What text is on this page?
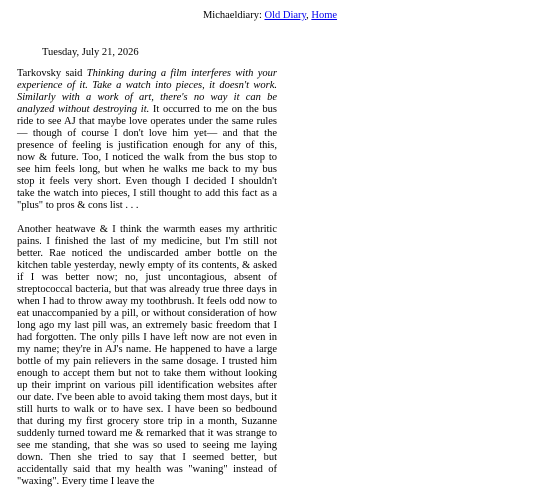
Michaeldiary: Old Diary, Home
Tuesday, July 21, 2026

Tarkovsky said Thinking during a film interferes with your experience of it. Take a watch into pieces, it doesn't work. Similarly with a work of art, there's no way it can be analyzed without destroying it. It occurred to me on the bus ride to see AJ that maybe love operates under the same rules— though of course I don't love him yet— and that the presence of feeling is justification enough for any of this, now & future. Too, I noticed the walk from the bus stop to see him feels long, but when he walks me back to my bus stop it feels very short. Even though I decided I shouldn't take the watch into pieces, I still thought to add this fact as a "plus" to pros & cons list . . .

Another heatwave & I think the warmth eases my arthritic pains. I finished the last of my medicine, but I'm still not better. Rae noticed the undiscarded amber bottle on the kitchen table yesterday, newly empty of its contents, & asked if I was better now; no, just uncontagious, absent of streptococcal bacteria, but that was already true three days in when I had to throw away my toothbrush. It feels odd now to eat unaccompanied by a pill, or without consideration of how long ago my last pill was, an extremely basic freedom that I had forgotten. The only pills I have left now are not even in my name; they're in AJ's name. He happened to have a large bottle of my pain relievers in the same dosage. I trusted him enough to accept them but not to take them without looking up their imprint on various pill identification websites after our date. I've been able to avoid taking them most days, but it still hurts to walk or to have sex. I have been so bedbound that during my first grocery store trip in a month, Suzanne suddenly turned toward me & remarked that it was strange to see me standing, that she was so used to seeing me laying down. Then she tried to say that I seemed better, but accidentally said that my health was "waning" instead of "waxing". Every time I leave the
